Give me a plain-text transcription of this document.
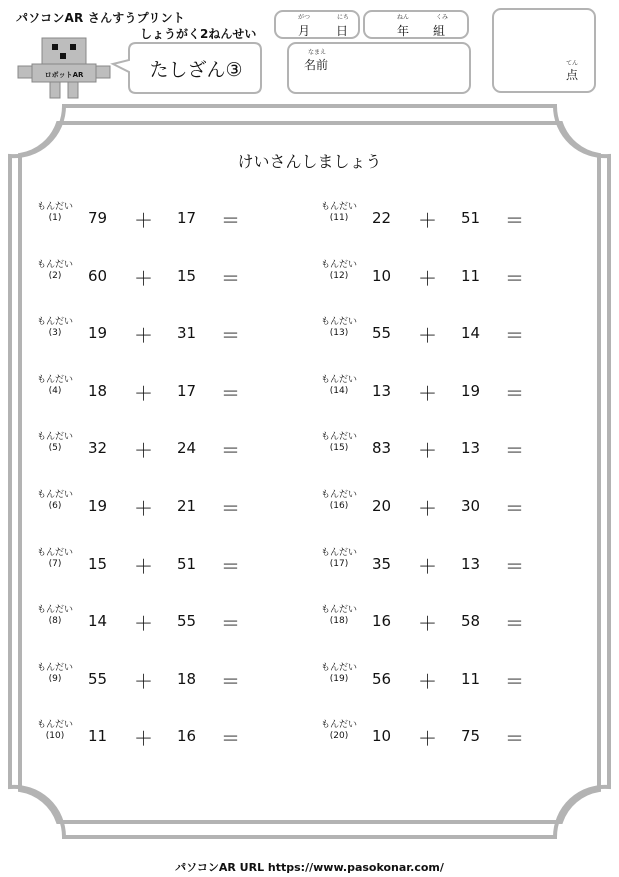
パソコンAR さんすうプリント
しょうがく2ねんせい
ロボットAR	たしざん③
がつ
月
にち
日
ねん
年
くみ
組
なまえ
名前	てん
点
けいさんしましょう
もんだい
(1)	79 ＋ 17 ＝
もんだい
(2)	60 ＋ 15 ＝
もんだい
(3)	19 ＋ 31 ＝
もんだい
(4)	18 ＋ 17 ＝
もんだい
(5)	32 ＋ 24 ＝
もんだい
(6)	19 ＋ 21 ＝
もんだい
(7)	15 ＋ 51 ＝
もんだい
(8)	14 ＋ 55 ＝
もんだい
(9)	55 ＋ 18 ＝
もんだい
(10)	11 ＋ 16 ＝
もんだい
(11)	22 ＋ 51 ＝
もんだい
(12)	10 ＋ 11 ＝
もんだい
(13)	55 ＋ 14 ＝
もんだい
(14)	13 ＋ 19 ＝
もんだい
(15)	83 ＋ 13 ＝
もんだい
(16)	20 ＋ 30 ＝
もんだい
(17)	35 ＋ 13 ＝
もんだい
(18)	16 ＋ 58 ＝
もんだい
(19)	56 ＋ 11 ＝
もんだい
(20)	10 ＋ 75 ＝
パソコンAR URL https://www.pasokonar.com/
